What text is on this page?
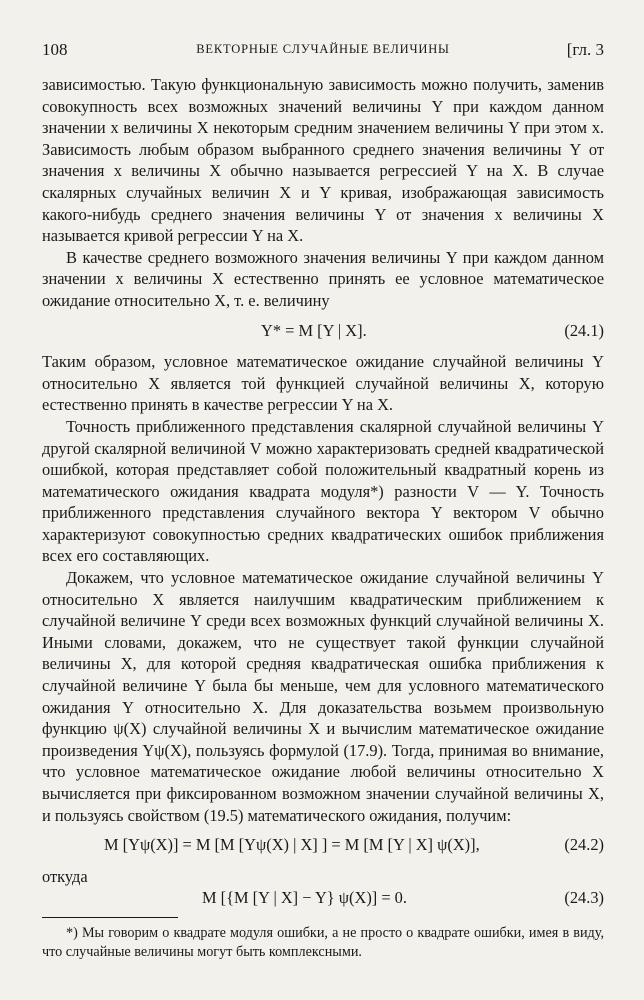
108	ВЕКТОРНЫЕ СЛУЧАЙНЫЕ ВЕЛИЧИНЫ	[гл. 3

зависимостью. Такую функциональную зависимость можно получить, заменив совокупность всех возможных значений величины Y при каждом данном значении x величины X некоторым средним значением величины Y при этом x. Зависимость любым образом выбранного среднего значения величины Y от значения x величины X обычно называется регрессией Y на X. В случае скалярных случайных величин X и Y кривая, изображающая зависимость какого-нибудь среднего значения величины Y от значения x величины X называется кривой регрессии Y на X.

В качестве среднего возможного значения величины Y при каждом данном значении x величины X естественно принять ее условное математическое ожидание относительно X, т. е. величину

Y* = M [Y | X].	(24.1)

Таким образом, условное математическое ожидание случайной величины Y относительно X является той функцией случайной величины X, которую естественно принять в качестве регрессии Y на X.

Точность приближенного представления скалярной случайной величины Y другой скалярной величиной V можно характеризовать средней квадратической ошибкой, которая представляет собой положительный квадратный корень из математического ожидания квадрата модуля*) разности V — Y. Точность приближенного представления случайного вектора Y вектором V обычно характеризуют совокупностью средних квадратических ошибок приближения всех его составляющих.

Докажем, что условное математическое ожидание случайной величины Y относительно X является наилучшим квадратическим приближением к случайной величине Y среди всех возможных функций случайной величины X. Иными словами, докажем, что не существует такой функции случайной величины X, для которой средняя квадратическая ошибка приближения к случайной величине Y была бы меньше, чем для условного математического ожидания Y относительно X. Для доказательства возьмем произвольную функцию ψ(X) случайной величины X и вычислим математическое ожидание произведения Yψ(X), пользуясь формулой (17.9). Тогда, принимая во внимание, что условное математическое ожидание любой величины относительно X вычисляется при фиксированном возможном значении случайной величины X, и пользуясь свойством (19.5) математического ожидания, получим:

M [Yψ(X)] = M [M [Yψ(X) | X] ] = M [M [Y | X] ψ(X)],	(24.2)

откуда

M [{M [Y | X] − Y} ψ(X)] = 0.	(24.3)
*) Мы говорим о квадрате модуля ошибки, а не просто о квадрате ошибки, имея в виду, что случайные величины могут быть комплексными.
